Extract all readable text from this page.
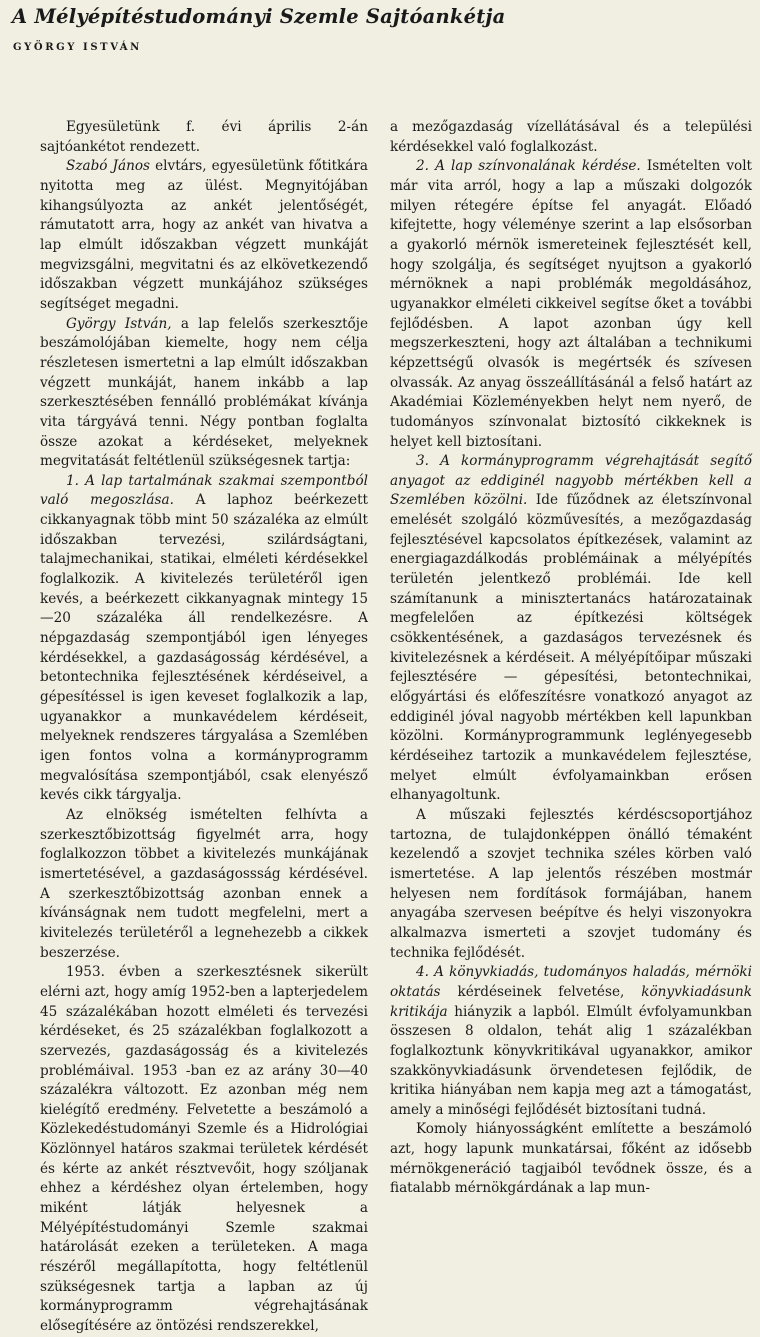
A Mélyépítéstudományi Szemle Sajtóankétja
GYÖRGY ISTVÁN

Egyesületünk f. évi április 2-án sajtóankétot rendezett.

Szabó János elvtárs, egyesületünk főtitkára nyitotta meg az ülést. Megnyitójában kihangsúlyozta az ankét jelentőségét, rámutatott arra, hogy az ankét van hivatva a lap elmúlt időszakban végzett munkáját megvizsgálni, megvitatni és az elkövetkezendő időszakban végzett munkájához szükséges segítséget megadni.

György István, a lap felelős szerkesztője beszámolójában kiemelte, hogy nem célja részletesen ismertetni a lap elmúlt időszakban végzett munkáját, hanem inkább a lap szerkesztésében fennálló problémákat kívánja vita tárgyává tenni. Négy pontban foglalta össze azokat a kérdéseket, melyeknek megvitatását feltétlenül szükségesnek tartja:

1. A lap tartalmának szakmai szempontból való megoszlása. A laphoz beérkezett cikkanyagnak több mint 50 százaléka az elmúlt időszakban tervezési, szilárdságtani, talajmechanikai, statikai, elméleti kérdésekkel foglalkozik. A kivitelezés területéről igen kevés, a beérkezett cikkanyagnak mintegy 15—20 százaléka áll rendelkezésre. A népgazdaság szempontjából igen lényeges kérdésekkel, a gazdaságosság kérdésével, a betontechnika fejlesztésének kérdéseivel, a gépesítéssel is igen keveset foglalkozik a lap, ugyanakkor a munkavédelem kérdéseit, melyeknek rendszeres tárgyalása a Szemlében igen fontos volna a kormányprogramm megvalósítása szempontjából, csak elenyésző kevés cikk tárgyalja.

Az elnökség ismételten felhívta a szerkesztőbizottság figyelmét arra, hogy foglalkozzon többet a kivitelezés munkájának ismertetésével, a gazdaságossság kérdésével. A szerkesztőbizottság azonban ennek a kívánságnak nem tudott megfelelni, mert a kivitelezés területéről a legnehezebb a cikkek beszerzése.

1953. évben a szerkesztésnek sikerült elérni azt, hogy amíg 1952-ben a lapterjedelem 45 százalékában hozott elméleti és tervezési kérdéseket, és 25 százalékban foglalkozott a szervezés, gazdaságosság és a kivitelezés problémáival. 1953 -ban ez az arány 30—40 százalékra változott. Ez azonban még nem kielégítő eredmény. Felvetette a beszámoló a Közlekedéstudományi Szemle és a Hidrológiai Közlönnyel határos szakmai területek kérdését és kérte az ankét résztvevőit, hogy szóljanak ehhez a kérdéshez olyan értelemben, hogy miként látják helyesnek a Mélyépítéstudományi Szemle szakmai határolását ezeken a területeken. A maga részéről megállapította, hogy feltétlenül szükségesnek tartja a lapban az új kormányprogramm végrehajtásának elősegítésére az öntözési rendszerekkel,

a mezőgazdaság vízellátásával és a települési kérdésekkel való foglalkozást.

2. A lap színvonalának kérdése. Ismételten volt már vita arról, hogy a lap a műszaki dolgozók milyen rétegére építse fel anyagát. Előadó kifejtette, hogy véleménye szerint a lap elsősorban a gyakorló mérnök ismereteinek fejlesztését kell, hogy szolgálja, és segítséget nyujtson a gyakorló mérnöknek a napi problémák megoldásához, ugyanakkor elméleti cikkeivel segítse őket a további fejlődésben. A lapot azonban úgy kell megszerkeszteni, hogy azt általában a technikumi képzettségű olvasók is megértsék és szívesen olvassák. Az anyag összeállításánál a felső határt az Akadémiai Közleményekben helyt nem nyerő, de tudományos színvonalat biztosító cikkeknek is helyet kell biztosítani.

3. A kormányprogramm végrehajtását segítő anyagot az eddiginél nagyobb mértékben kell a Szemlében közölni. Ide fűződnek az életszínvonal emelését szolgáló közművesítés, a mezőgazdaság fejlesztésével kapcsolatos építkezések, valamint az energiagazdálkodás problémáinak a mélyépítés területén jelentkező problémái. Ide kell számítanunk a minisztertanács határozatainak megfelelően az építkezési költségek csökkentésének, a gazdaságos tervezésnek és kivitelezésnek a kérdéseit. A mélyépítőipar műszaki fejlesztésére — gépesítési, betontechnikai, előgyártási és előfeszítésre vonatkozó anyagot az eddiginél jóval nagyobb mértékben kell lapunkban közölni. Kormányprogrammunk leglényegesebb kérdéseihez tartozik a munkavédelem fejlesztése, melyet elmúlt évfolyamainkban erősen elhanyagoltunk.

A műszaki fejlesztés kérdéscsoportjához tartozna, de tulajdonképpen önálló témaként kezelendő a szovjet technika széles körben való ismertetése. A lap jelentős részében mostmár helyesen nem fordítások formájában, hanem anyagába szervesen beépítve és helyi viszonyokra alkalmazva ismerteti a szovjet tudomány és technika fejlődését.

4. A könyvkiadás, tudományos haladás, mérnöki oktatás kérdéseinek felvetése, könyvkiadásunk kritikája hiányzik a lapból. Elmúlt évfolyamunkban összesen 8 oldalon, tehát alig 1 százalékban foglalkoztunk könyvkritikával ugyanakkor, amikor szakkönyvkiadásunk örvendetesen fejlődik, de kritika hiányában nem kapja meg azt a támogatást, amely a minőségi fejlődését biztosítani tudná.

Komoly hiányosságként említette a beszámoló azt, hogy lapunk munkatársai, főként az idősebb mérnökgeneráció tagjaiból tevődnek össze, és a fiatalabb mérnökgárdának a lap mun-
